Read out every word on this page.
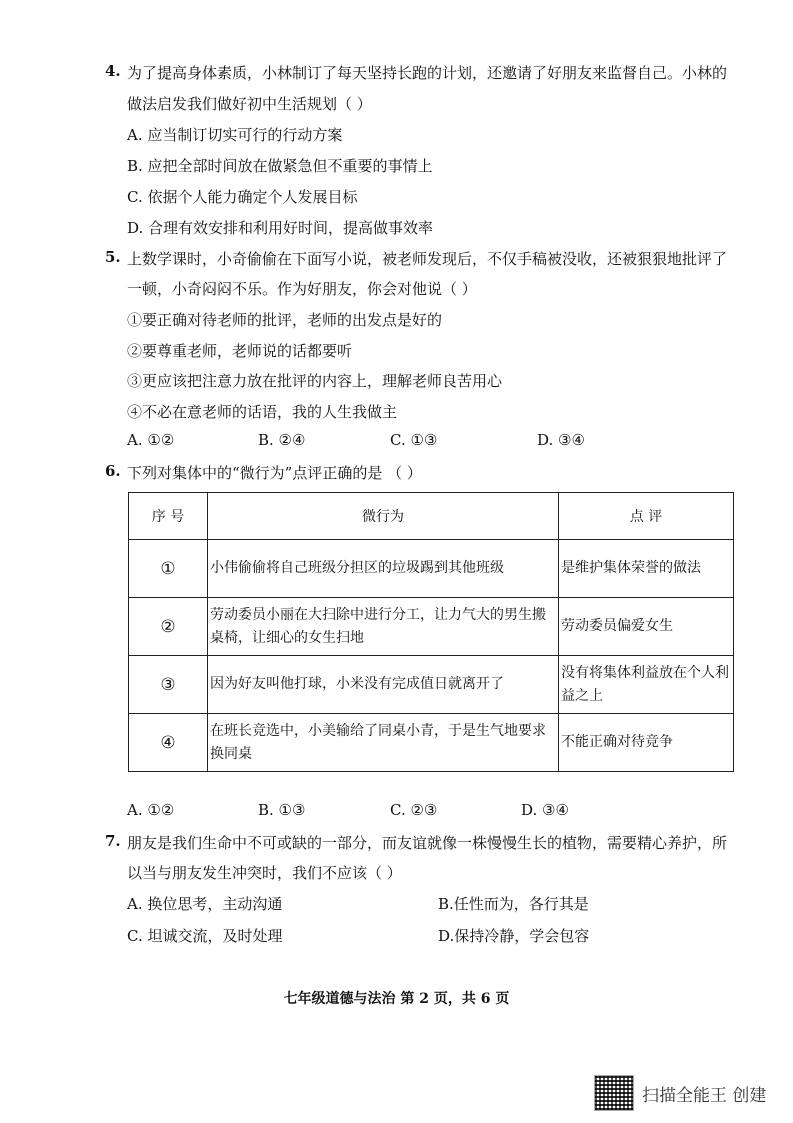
4. 为了提高身体素质，小林制订了每天坚持长跑的计划，还邀请了好朋友来监督自己。小林的
做法启发我们做好初中生活规划（ ）
A. 应当制订切实可行的行动方案
B. 应把全部时间放在做紧急但不重要的事情上
C. 依据个人能力确定个人发展目标
D. 合理有效安排和利用好时间，提高做事效率
5. 上数学课时，小奇偷偷在下面写小说，被老师发现后，不仅手稿被没收，还被狠狠地批评了
一顿，小奇闷闷不乐。作为好朋友，你会对他说（ ）
①要正确对待老师的批评，老师的出发点是好的
②要尊重老师，老师说的话都要听
③更应该把注意力放在批评的内容上，理解老师良苦用心
④不必在意老师的话语，我的人生我做主
A. ①②	B. ②④	C. ①③	D. ③④
6. 下列对集体中的“微行为”点评正确的是 （ ）
序 号	微行为	点 评
①	小伟偷偷将自己班级分担区的垃圾踢到其他班级	是维护集体荣誉的做法
②	劳动委员小丽在大扫除中进行分工，让力气大的男生搬桌椅，让细心的女生扫地	劳动委员偏爱女生
③	因为好友叫他打球，小米没有完成值日就离开了	没有将集体利益放在个人利益之上
④	在班长竞选中，小美输给了同桌小青，于是生气地要求换同桌	不能正确对待竞争
A. ①②	B. ①③	C. ②③	D. ③④
7. 朋友是我们生命中不可或缺的一部分，而友谊就像一株慢慢生长的植物，需要精心养护，所
以当与朋友发生冲突时，我们不应该（ ）
A. 换位思考，主动沟通	B.任性而为，各行其是
C. 坦诚交流，及时处理	D.保持冷静，学会包容
七年级道德与法治 第 2 页，共 6 页
扫描全能王 创建
